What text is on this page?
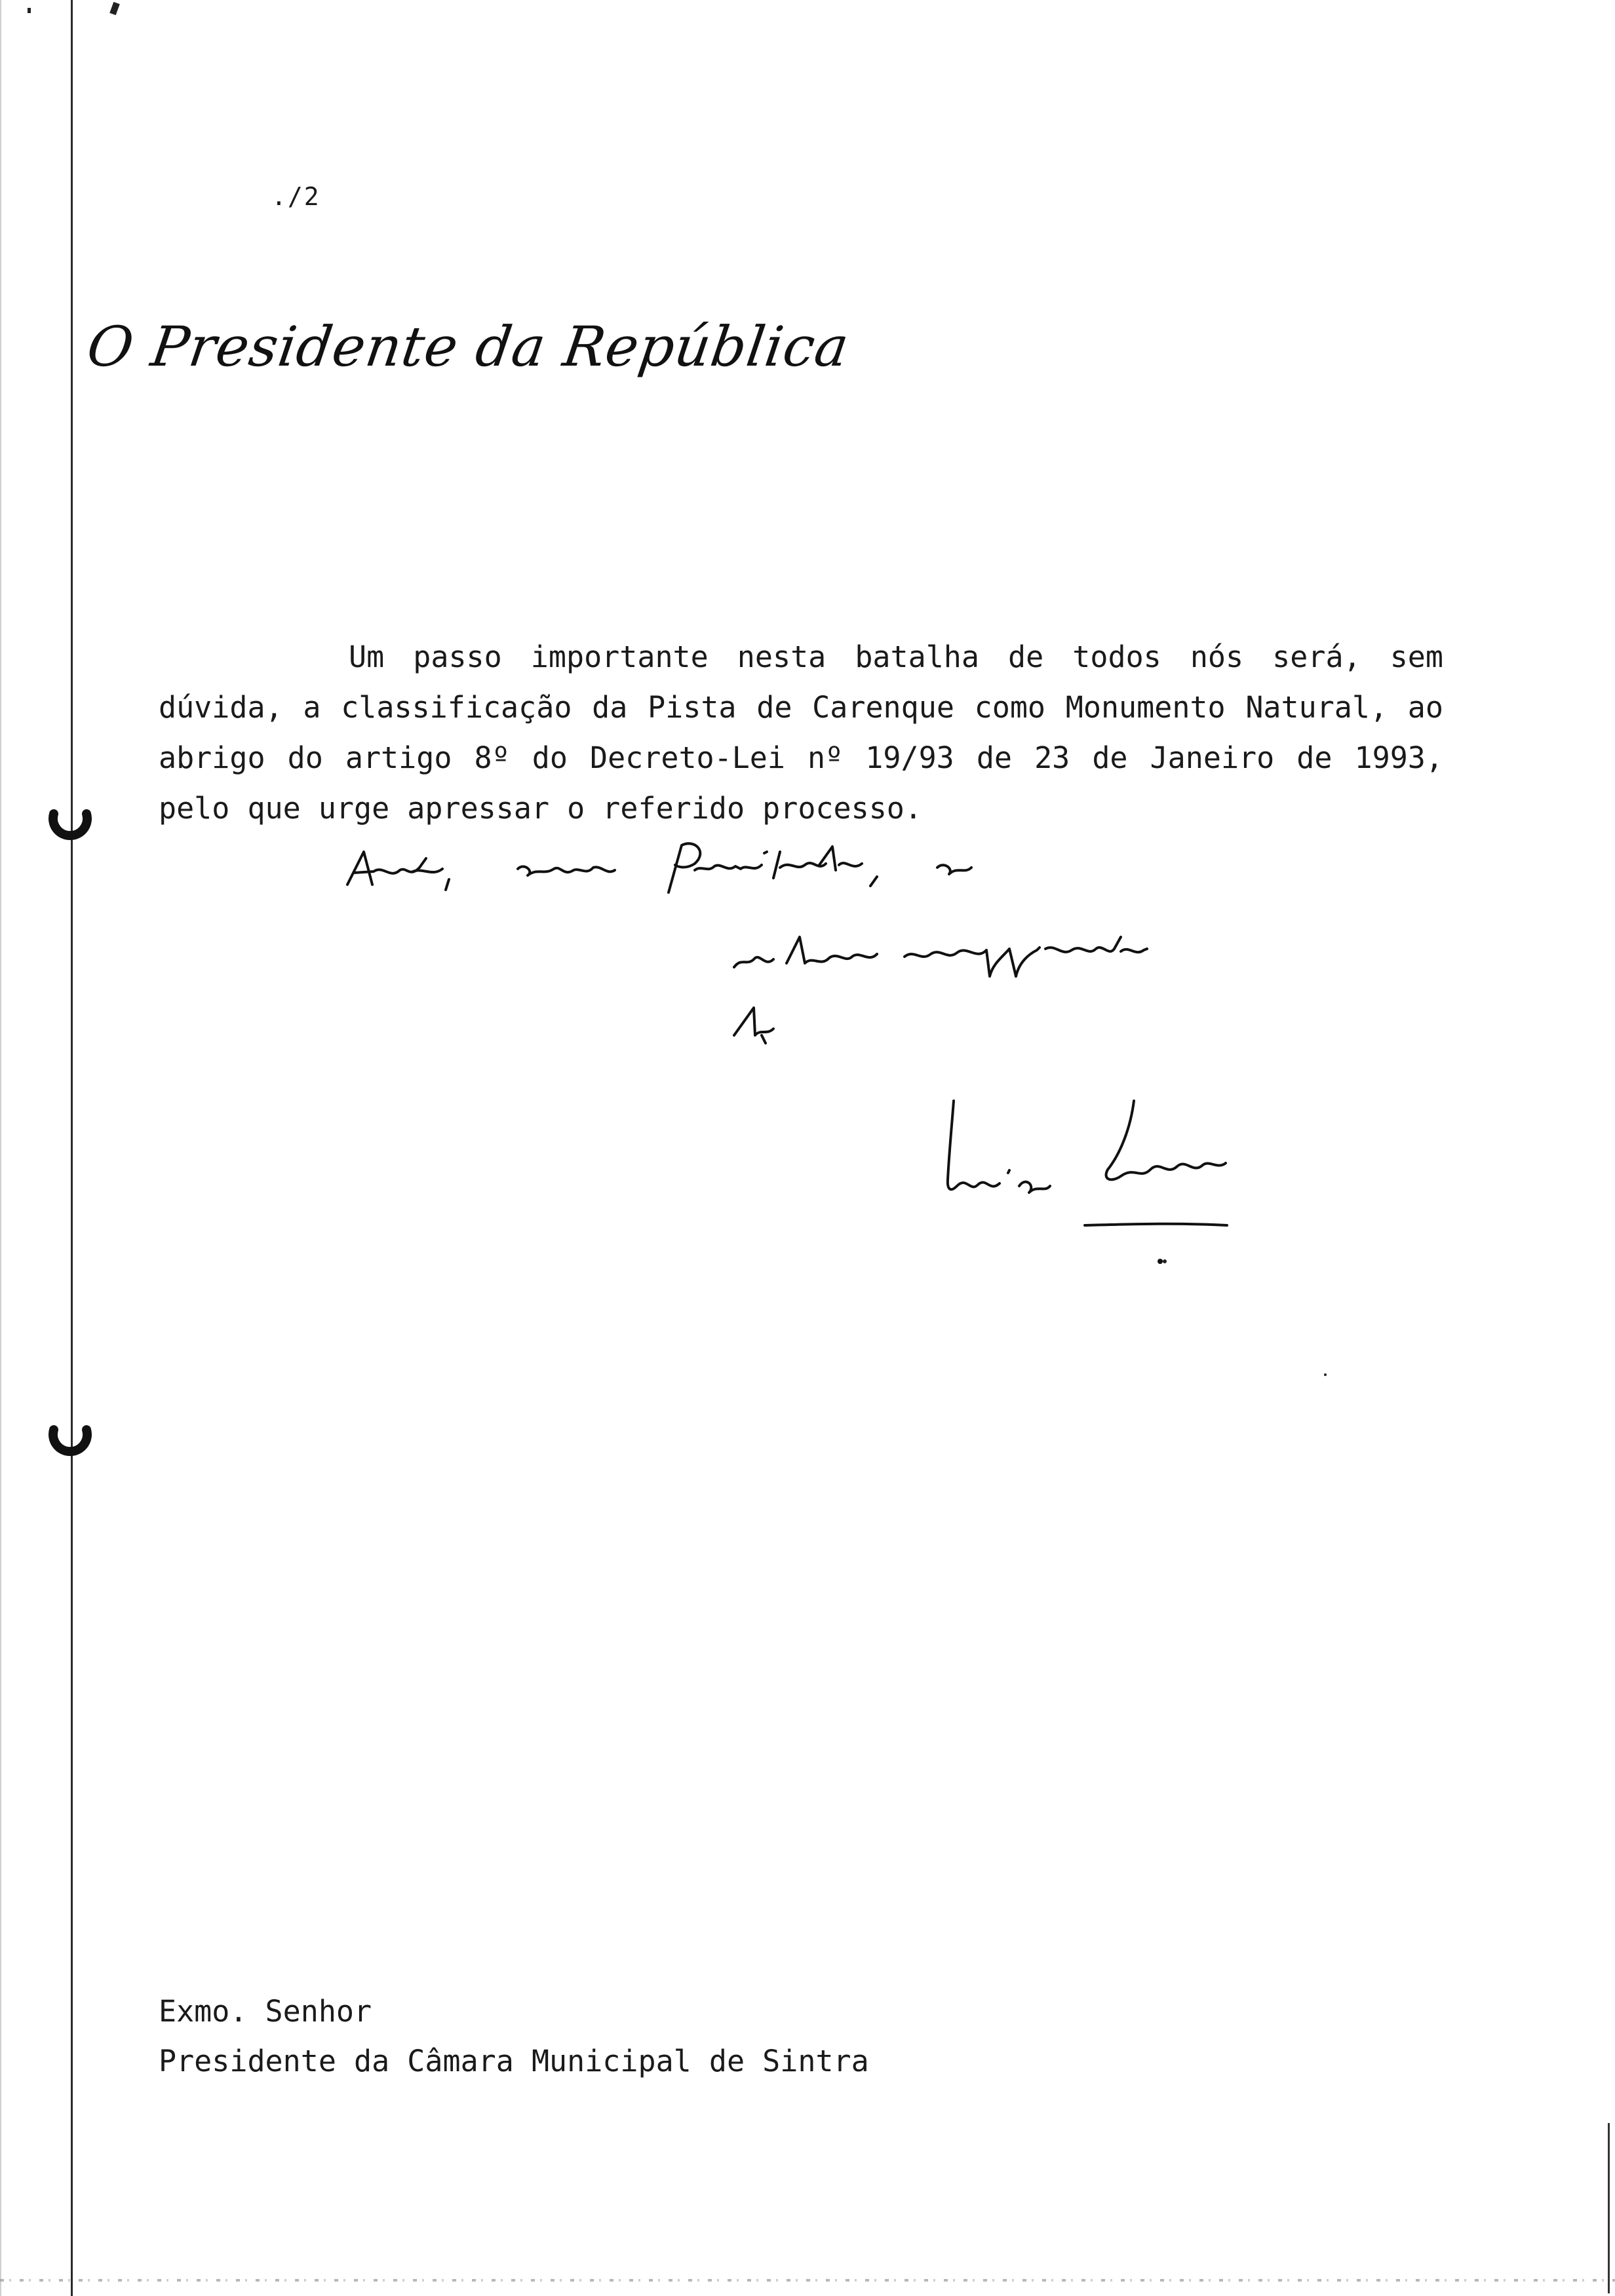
./2
O Presidente da República
Um passo importante nesta batalha de todos nós será, sem dúvida, a classificação da Pista de Carenque como Monumento Natural, ao abrigo do artigo 8º do Decreto-Lei nº 19/93 de 23 de Janeiro de 1993, pelo que urge apressar o referido processo.
Exmo. Senhor
Presidente da Câmara Municipal de Sintra
